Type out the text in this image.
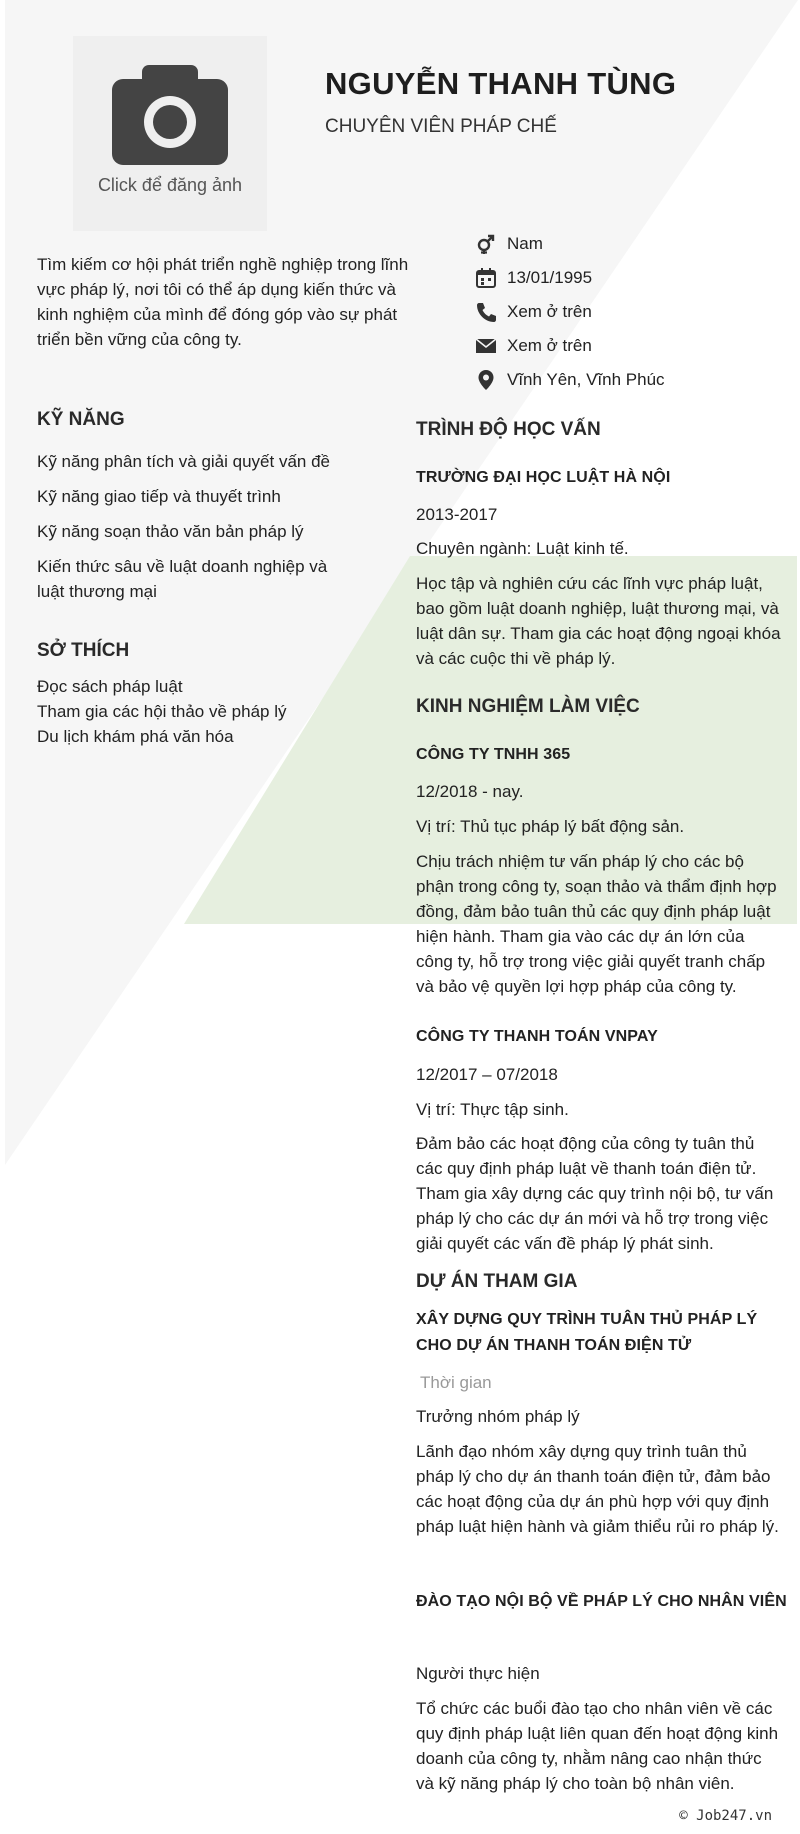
Click để đăng ảnh
NGUYỄN THANH TÙNG
CHUYÊN VIÊN PHÁP CHẾ
Tìm kiếm cơ hội phát triển nghề nghiệp trong lĩnh vực pháp lý, nơi tôi có thể áp dụng kiến thức và kinh nghiệm của mình để đóng góp vào sự phát triển bền vững của công ty.
Nam
13/01/1995
Xem ở trên
Xem ở trên
Vĩnh Yên, Vĩnh Phúc
KỸ NĂNG
Kỹ năng phân tích và giải quyết vấn đề
Kỹ năng giao tiếp và thuyết trình
Kỹ năng soạn thảo văn bản pháp lý
Kiến thức sâu về luật doanh nghiệp và luật thương mại
SỞ THÍCH
Đọc sách pháp luật
Tham gia các hội thảo về pháp lý
Du lịch khám phá văn hóa
TRÌNH ĐỘ HỌC VẤN
TRƯỜNG ĐẠI HỌC LUẬT HÀ NỘI
2013-2017
Chuyên ngành: Luật kinh tế.
Học tập và nghiên cứu các lĩnh vực pháp luật, bao gồm luật doanh nghiệp, luật thương mại, và luật dân sự. Tham gia các hoạt động ngoại khóa và các cuộc thi về pháp lý.
KINH NGHIỆM LÀM VIỆC
CÔNG TY TNHH 365
12/2018 - nay.
Vị trí: Thủ tục pháp lý bất động sản.
Chịu trách nhiệm tư vấn pháp lý cho các bộ phận trong công ty, soạn thảo và thẩm định hợp đồng, đảm bảo tuân thủ các quy định pháp luật hiện hành. Tham gia vào các dự án lớn của công ty, hỗ trợ trong việc giải quyết tranh chấp và bảo vệ quyền lợi hợp pháp của công ty.
CÔNG TY THANH TOÁN VNPAY
12/2017 – 07/2018
Vị trí: Thực tập sinh.
Đảm bảo các hoạt động của công ty tuân thủ các quy định pháp luật về thanh toán điện tử. Tham gia xây dựng các quy trình nội bộ, tư vấn pháp lý cho các dự án mới và hỗ trợ trong việc giải quyết các vấn đề pháp lý phát sinh.
DỰ ÁN THAM GIA
XÂY DỰNG QUY TRÌNH TUÂN THỦ PHÁP LÝ CHO DỰ ÁN THANH TOÁN ĐIỆN TỬ
Thời gian
Trưởng nhóm pháp lý
Lãnh đạo nhóm xây dựng quy trình tuân thủ pháp lý cho dự án thanh toán điện tử, đảm bảo các hoạt động của dự án phù hợp với quy định pháp luật hiện hành và giảm thiểu rủi ro pháp lý.
ĐÀO TẠO NỘI BỘ VỀ PHÁP LÝ CHO NHÂN VIÊN
Người thực hiện
Tổ chức các buổi đào tạo cho nhân viên về các quy định pháp luật liên quan đến hoạt động kinh doanh của công ty, nhằm nâng cao nhận thức và kỹ năng pháp lý cho toàn bộ nhân viên.
© Job247.vn
